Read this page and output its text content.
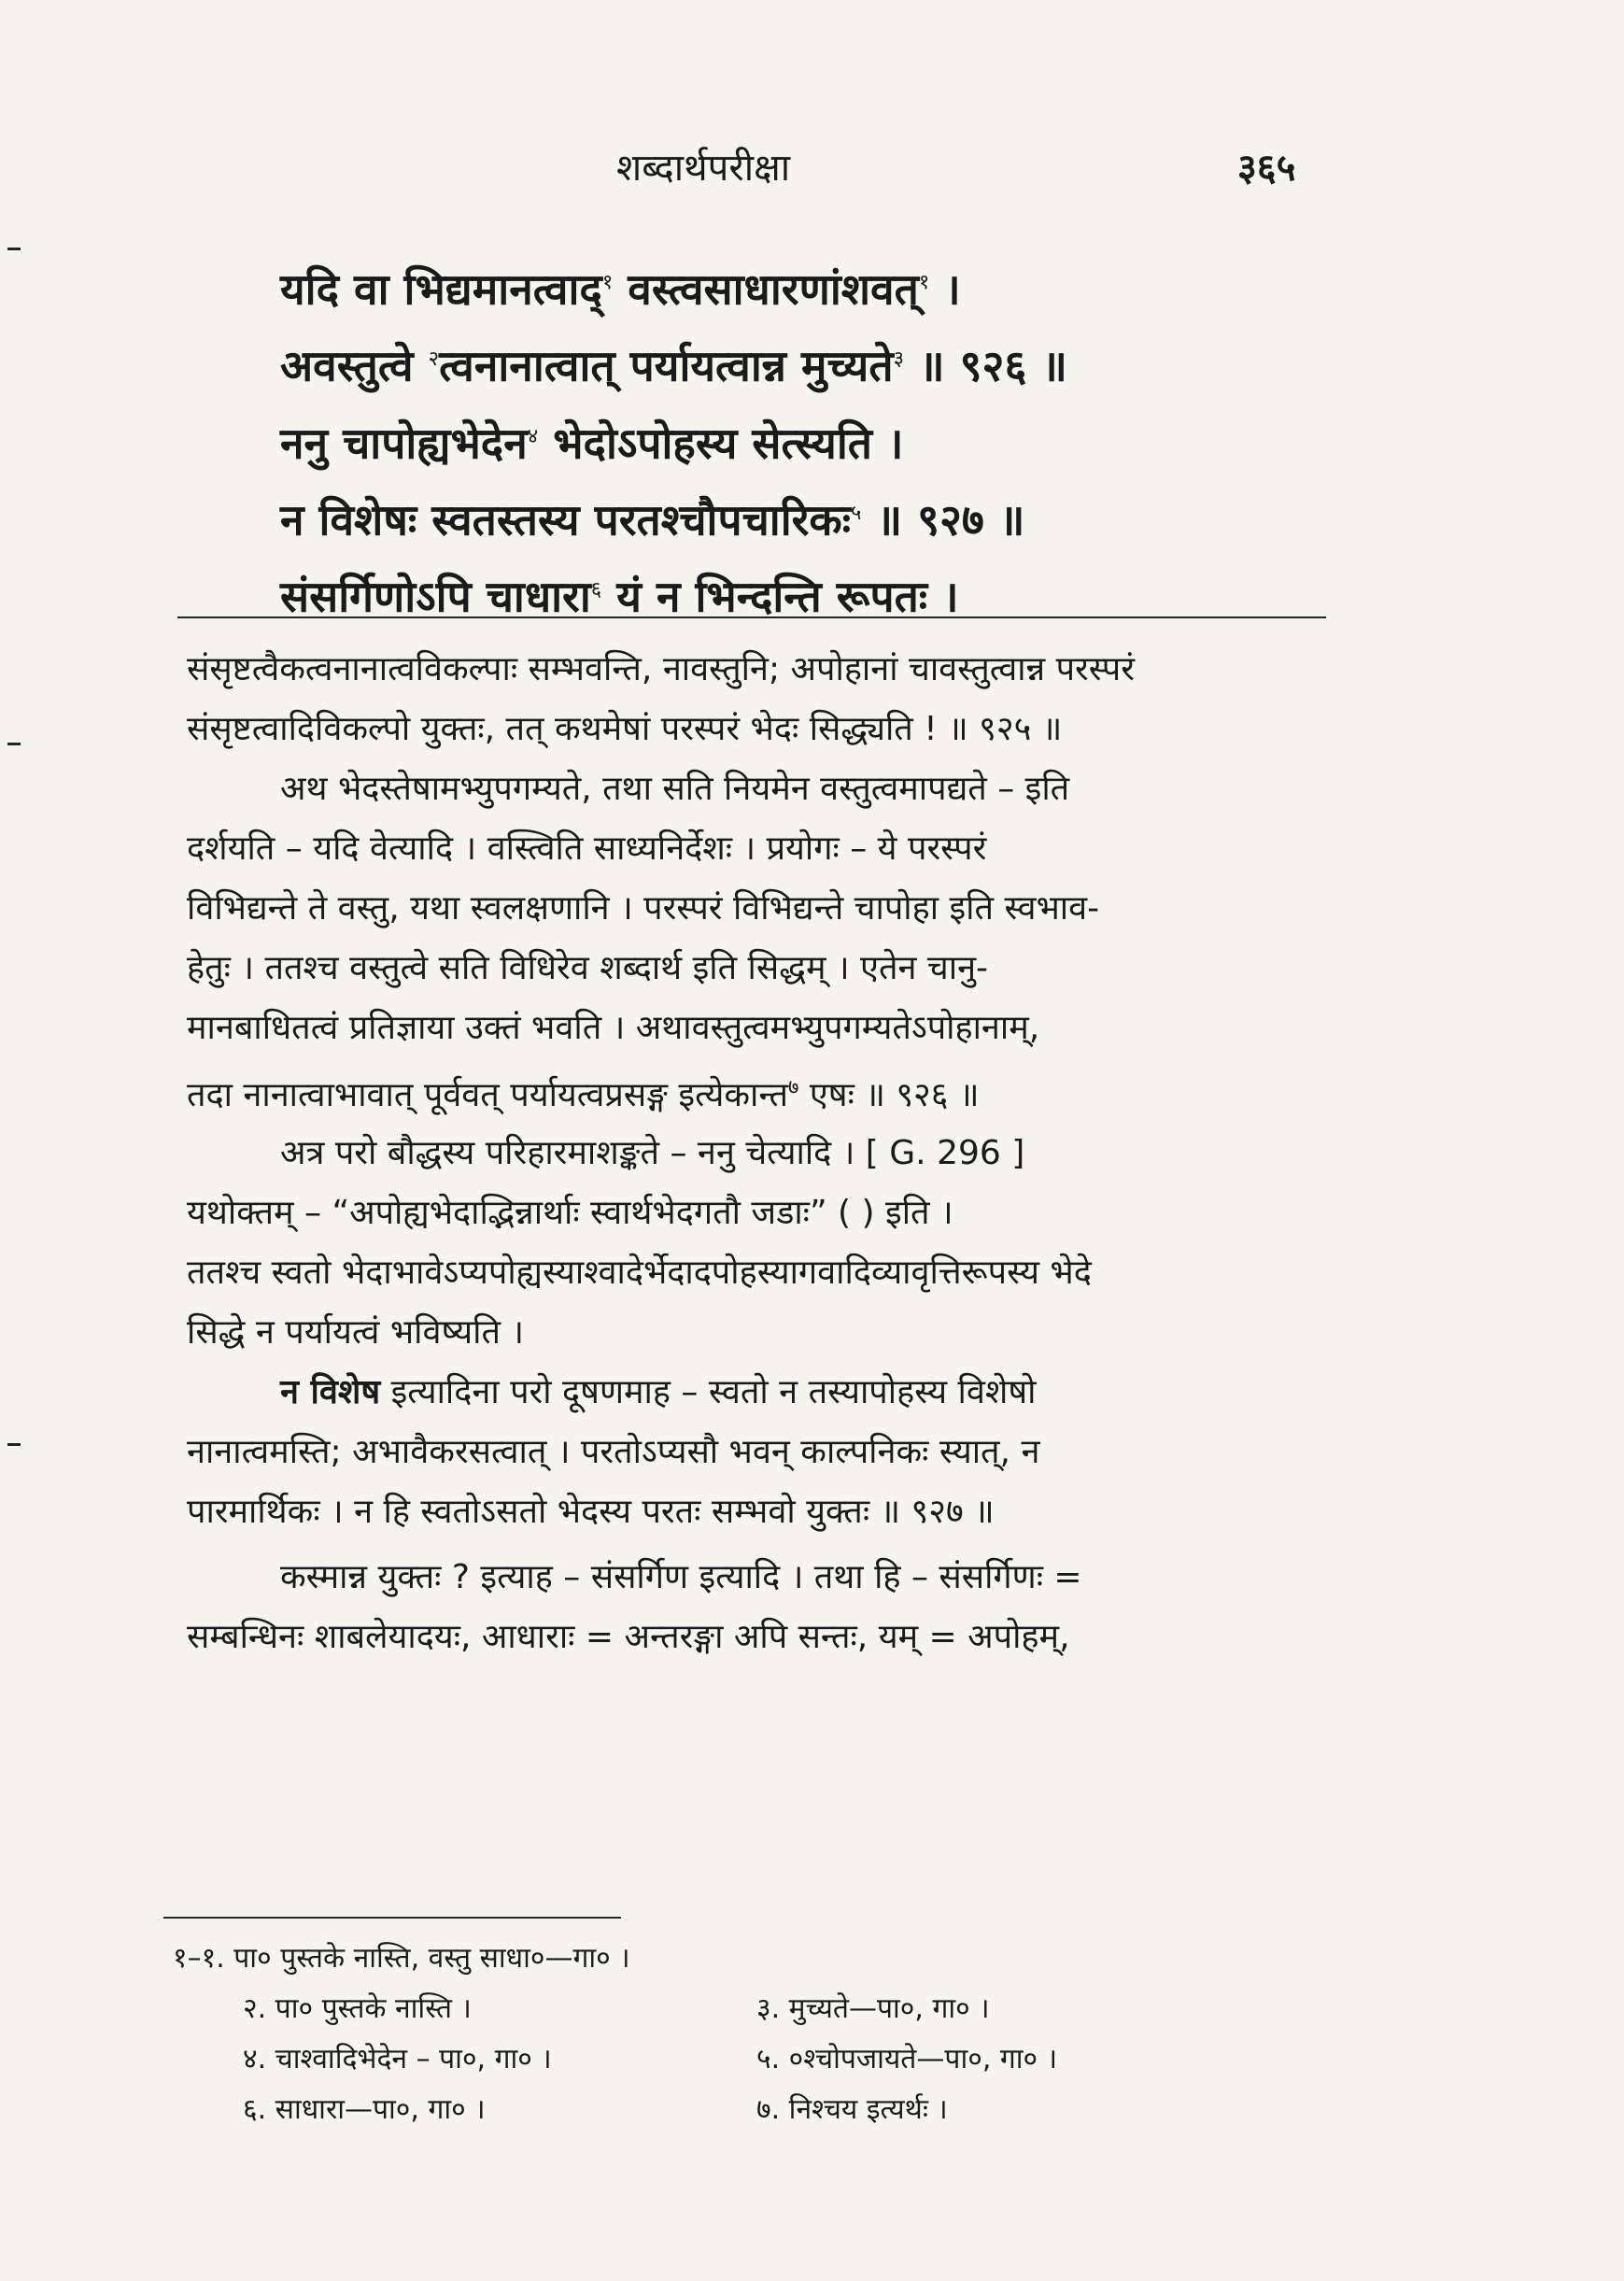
शब्दार्थपरीक्षा	३६५
यदि वा भिद्यमानत्वाद्$^१$ वस्त्वसाधारणांशवत्$^१$ ।
अवस्तुत्वे $^२$त्वनानात्वात् पर्यायत्वान्न मुच्यते$^३$ ॥ ९२६ ॥
ननु चापोह्यभेदेन$^४$ भेदोऽपोहस्य सेत्स्यति ।
न विशेषः स्वतस्तस्य परतश्चौपचारिकः$^५$ ॥ ९२७ ॥
संसर्गिणोऽपि चाधारा$^६$ यं न भिन्दन्ति रूपतः ।
संसृष्टत्वैकत्वनानात्वविकल्पाः सम्भवन्ति, नावस्तुनि; अपोहानां चावस्तुत्वान्न परस्परं
संसृष्टत्वादिविकल्पो युक्तः, तत् कथमेषां परस्परं भेदः सिद्ध्यति ! ॥ ९२५ ॥
अथ भेदस्तेषामभ्युपगम्यते, तथा सति नियमेन वस्तुत्वमापद्यते – इति
दर्शयति – यदि वेत्यादि । वस्त्विति साध्यनिर्देशः । प्रयोगः – ये परस्परं
विभिद्यन्ते ते वस्तु, यथा स्वलक्षणानि । परस्परं विभिद्यन्ते चापोहा इति स्वभाव-
हेतुः । ततश्च वस्तुत्वे सति विधिरेव शब्दार्थ इति सिद्धम् । एतेन चानु-
मानबाधितत्वं प्रतिज्ञाया उक्तं भवति । अथावस्तुत्वमभ्युपगम्यतेऽपोहानाम्,
तदा नानात्वाभावात् पूर्ववत् पर्यायत्वप्रसङ्ग इत्येकान्त$^७$ एषः ॥ ९२६ ॥
अत्र परो बौद्धस्य परिहारमाशङ्कते – ननु चेत्यादि । [ G. 296 ]
यथोक्तम् – “अपोह्यभेदाद्भिन्नार्थाः स्वार्थभेदगतौ जडाः” ( ) इति ।
ततश्च स्वतो भेदाभावेऽप्यपोह्यस्याश्वादेर्भेदादपोहस्यागवादिव्यावृत्तिरूपस्य भेदे
सिद्धे न पर्यायत्वं भविष्यति ।
न विशेष इत्यादिना परो दूषणमाह – स्वतो न तस्यापोहस्य विशेषो
नानात्वमस्ति; अभावैकरसत्वात् । परतोऽप्यसौ भवन् काल्पनिकः स्यात्, न
पारमार्थिकः । न हि स्वतोऽसतो भेदस्य परतः सम्भवो युक्तः ॥ ९२७ ॥
कस्मान्न युक्तः ? इत्याह – संसर्गिण इत्यादि । तथा हि – संसर्गिणः =
सम्बन्धिनः शाबलेयादयः, आधाराः = अन्तरङ्गा अपि सन्तः, यम् = अपोहम्,
१–१. पा० पुस्तके नास्ति, वस्तु साधा०—गा० ।
२. पा० पुस्तके नास्ति ।	३. मुच्यते—पा०, गा० ।
४. चाश्वादिभेदेन – पा०, गा० ।	५. ०श्चोपजायते—पा०, गा० ।
६. साधारा—पा०, गा० ।	७. निश्चय इत्यर्थः ।
